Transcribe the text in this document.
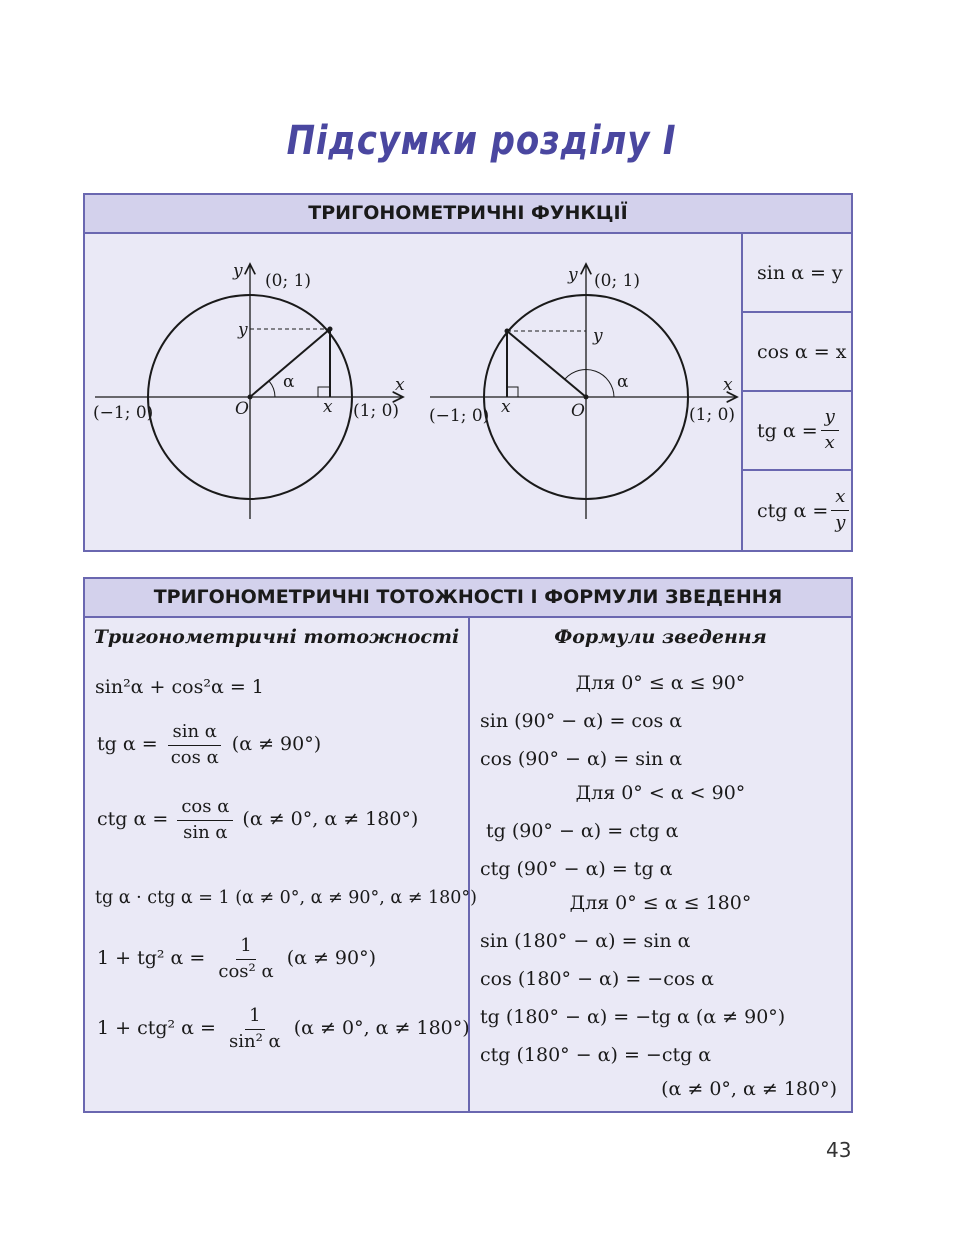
Підсумки розділу І
ТРИГОНОМЕТРИЧНІ ФУНКЦІЇ
y (0; 1)
y
α	x
(−1; 0)	O	x (1; 0)
y (0; 1)
y
α	x
(−1; 0) x	O	(1; 0)
sin α = y
cos α = x
tg $\alpha = \frac{y}{x}$
ctg $\alpha = \frac{x}{y}$
ТРИГОНОМЕТРИЧНІ ТОТОЖНОСТІ І ФОРМУЛИ ЗВЕДЕННЯ
Тригонометричні тотожності
sin²α + cos²α = 1
tg $\alpha = \frac{\text{sin α}}{\text{cos α}} (\alpha \ne 90^\circ)$
ctg $\alpha = \frac{\text{cos α}}{\text{sin α}} (\alpha \ne 0^\circ$, α ≠ 180°)
tg α · ctg α = 1 (α ≠ 0°, α ≠ 90°, α ≠ 180°)
1 + tg² $\alpha = \frac{1}{\text{cos² α}} (\alpha \ne 90^\circ)$
1 + ctg² $\alpha = \frac{1}{\text{sin² α}} (\alpha \ne 0^\circ$, α ≠ 180°)
Формули зведення
Для 0° ≤ α ≤ 90°
sin (90° − α) = cos α
cos (90° − α) = sin α
Для 0° < α < 90°
tg (90° − α) = ctg α
ctg (90° − α) = tg α
Для 0° ≤ α ≤ 180°
sin (180° − α) = sin α
cos (180° − α) = −cos α
tg (180° − α) = −tg α (α ≠ 90°)
ctg (180° − α) = −ctg α
(α ≠ 0°, α ≠ 180°)
43
